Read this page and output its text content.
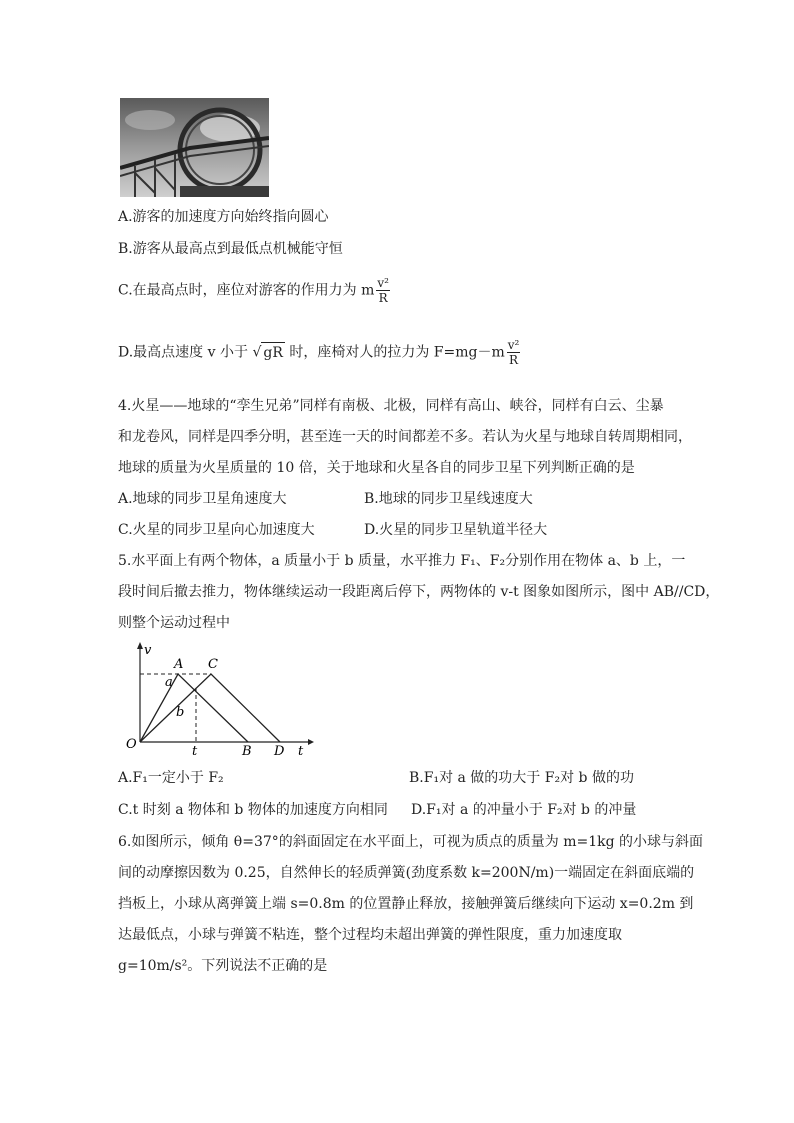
A.游客的加速度方向始终指向圆心
B.游客从最高点到最低点机械能守恒
C.在最高点时，座位对游客的作用力为 m $\frac{\text{v²}}{R}$
D.最高点速度 v 小于 √ gR 时，座椅对人的拉力为 $F=mg-m \frac{\text{v²}}{R}$
4.火星——地球的“孪生兄弟”同样有南极、北极，同样有高山、峡谷，同样有白云、尘暴
和龙卷风，同样是四季分明，甚至连一天的时间都差不多。若认为火星与地球自转周期相同，
地球的质量为火星质量的 10 倍，关于地球和火星各自的同步卫星下列判断正确的是
A.地球的同步卫星角速度大	B.地球的同步卫星线速度大
C.火星的同步卫星向心加速度大	D.火星的同步卫星轨道半径大
5.水平面上有两个物体，a 质量小于 b 质量，水平推力 F₁、F₂分别作用在物体 a、b 上，一
段时间后撤去推力，物体继续运动一段距离后停下，两物体的 v-t 图象如图所示，图中 AB//CD，
则整个运动过程中
v
t
O
A C
a
b
t	B D
A.F₁一定小于 F₂	B.F₁对 a 做的功大于 F₂对 b 做的功
C.t 时刻 a 物体和 b 物体的加速度方向相同 D.F₁对 a 的冲量小于 F₂对 b 的冲量
6.如图所示，倾角 θ=37°的斜面固定在水平面上，可视为质点的质量为 m=1kg 的小球与斜面
间的动摩擦因数为 0.25，自然伸长的轻质弹簧(劲度系数 k=200N/m)一端固定在斜面底端的
挡板上，小球从离弹簧上端 s=0.8m 的位置静止释放，接触弹簧后继续向下运动 x=0.2m 到
达最低点，小球与弹簧不粘连，整个过程均未超出弹簧的弹性限度，重力加速度取
g=10m/s²。下列说法不正确的是
